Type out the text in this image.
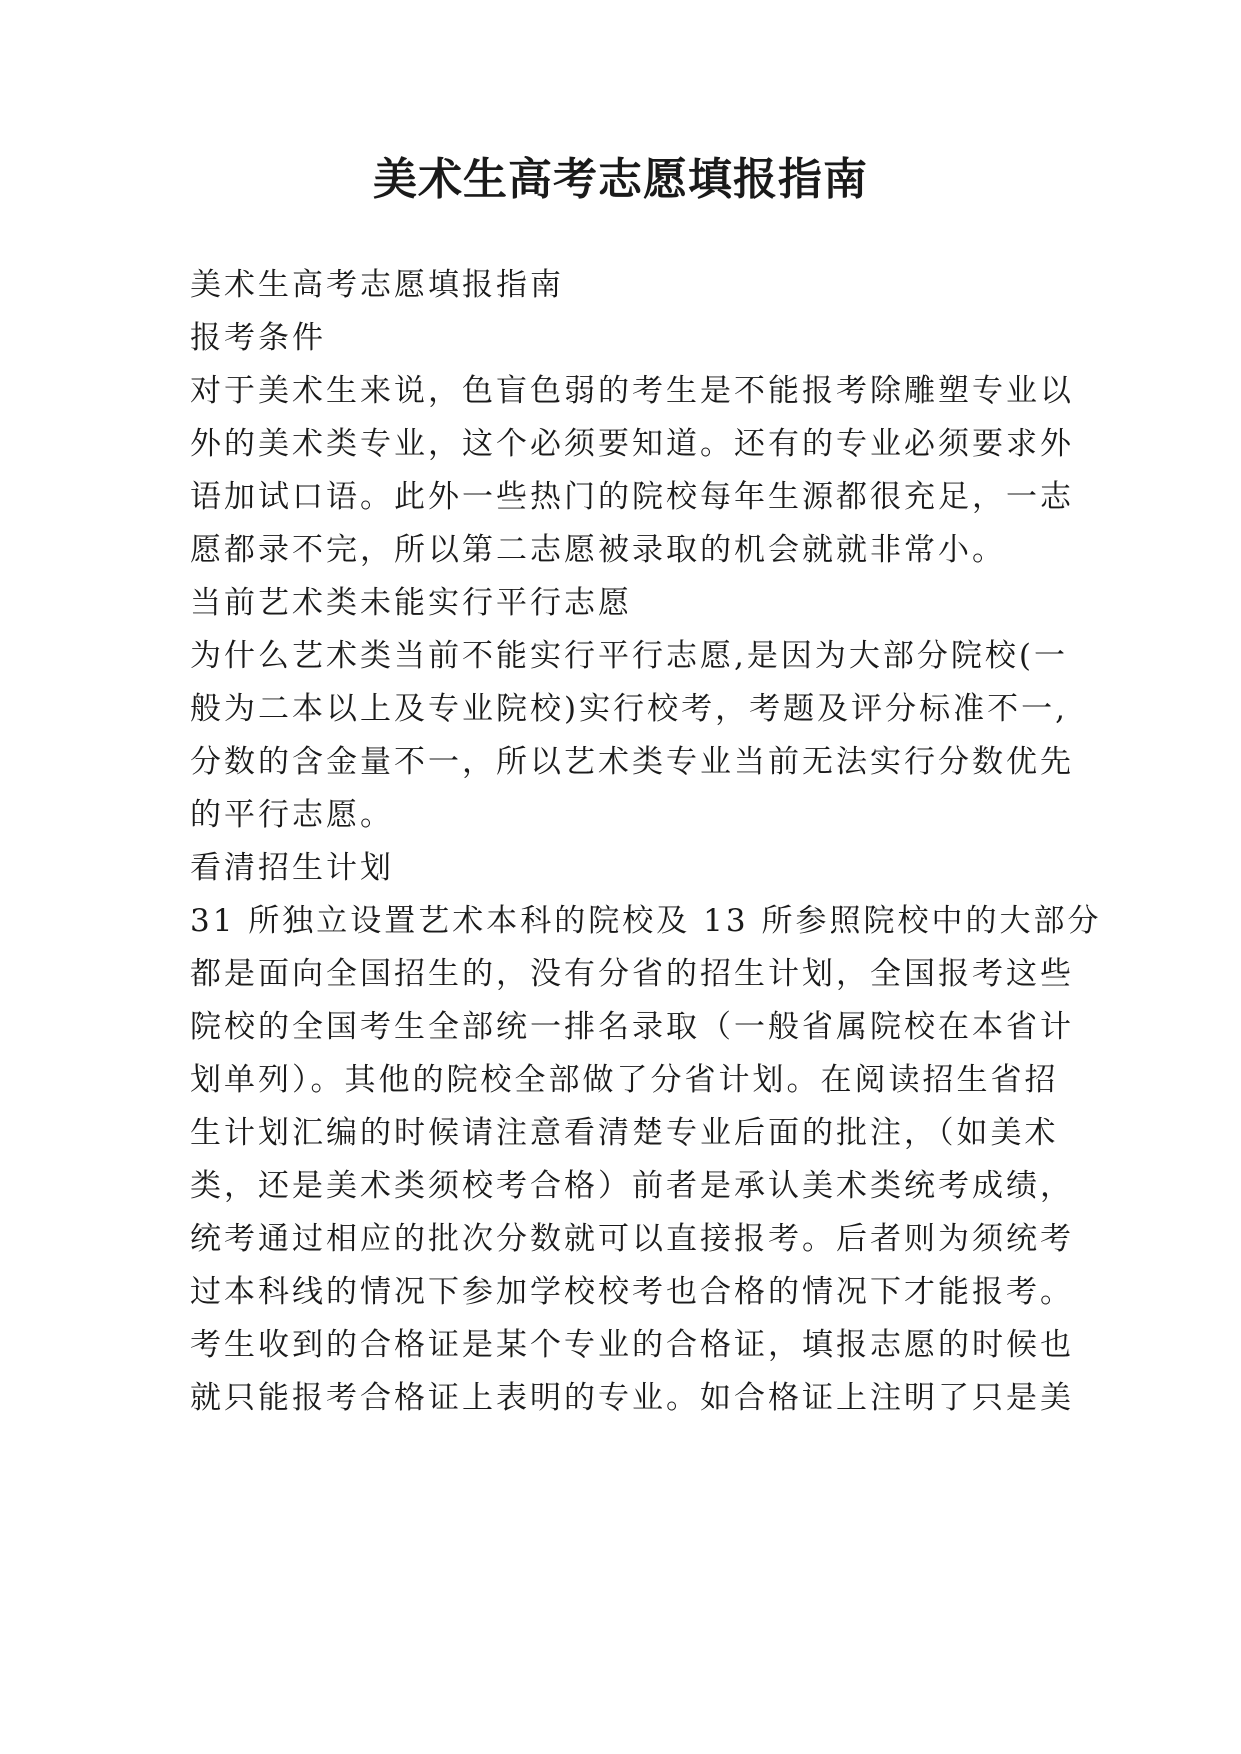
美术生高考志愿填报指南

美术生高考志愿填报指南

报考条件

对于美术生来说，色盲色弱的考生是不能报考除雕塑专业以

外的美术类专业，这个必须要知道。还有的专业必须要求外

语加试口语。此外一些热门的院校每年生源都很充足，一志

愿都录不完，所以第二志愿被录取的机会就就非常小。

当前艺术类未能实行平行志愿

为什么艺术类当前不能实行平行志愿,是因为大部分院校(一

般为二本以上及专业院校)实行校考，考题及评分标准不一,

分数的含金量不一，所以艺术类专业当前无法实行分数优先

的平行志愿。

看清招生计划

31 所独立设置艺术本科的院校及 13 所参照院校中的大部分

都是面向全国招生的，没有分省的招生计划，全国报考这些

院校的全国考生全部统一排名录取（一般省属院校在本省计

划单列）。其他的院校全部做了分省计划。在阅读招生省招

生计划汇编的时候请注意看清楚专业后面的批注，（如美术

类，还是美术类须校考合格）前者是承认美术类统考成绩，

统考通过相应的批次分数就可以直接报考。后者则为须统考

过本科线的情况下参加学校校考也合格的情况下才能报考。

考生收到的合格证是某个专业的合格证，填报志愿的时候也

就只能报考合格证上表明的专业。如合格证上注明了只是美
